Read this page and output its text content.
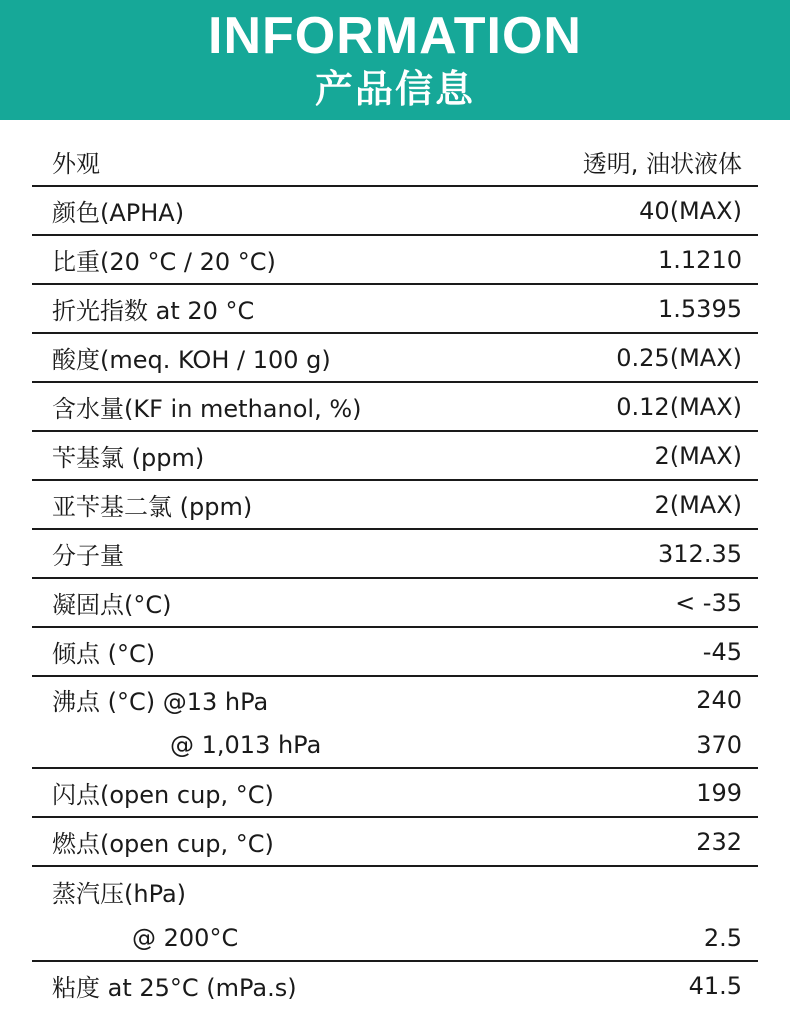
INFORMATION
产品信息
外观	透明, 油状液体
颜色(APHA)	40(MAX)
比重(20 °C / 20 °C)	1.1210
折光指数 at 20 °C	1.5395
酸度(meq. KOH / 100 g)	0.25(MAX)
含水量(KF in methanol, %)	0.12(MAX)
苄基氯 (ppm)	2(MAX)
亚苄基二氯 (ppm)	2(MAX)
分子量	312.35
凝固点(°C)	< -35
倾点 (°C)	-45
沸点 (°C) @13 hPa	240
@ 1,013 hPa	370
闪点(open cup, °C)	199
燃点(open cup, °C)	232
蒸汽压(hPa)
@ 200°C	2.5
粘度 at 25°C (mPa.s)	41.5
